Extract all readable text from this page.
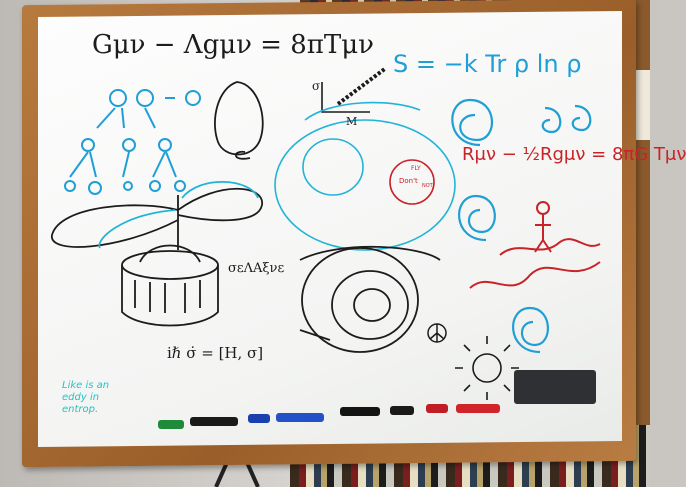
Gμν − Λgμν = 8πTμν
S = −k Tr ρ ln ρ
Rμν − ½Rgμν = 8πG Tμν
σεΛΑξνε
iℏ σ̇ = [H, σ]
σ
M
Like is an eddy in entrop.
Don't
FLY
NOT
